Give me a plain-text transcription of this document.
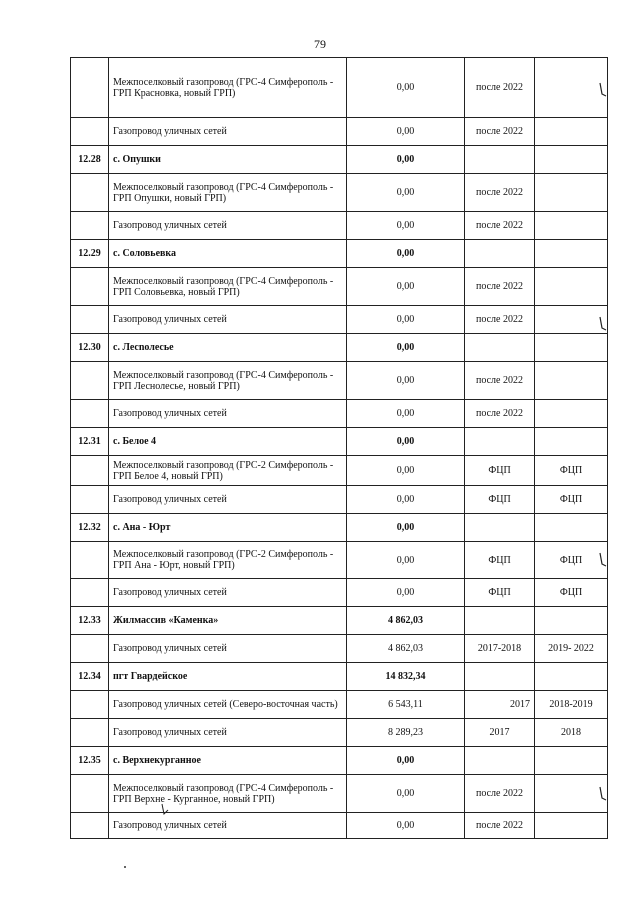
79
	Межпоселковый газопровод (ГРС-4 Симферополь - ГРП Красновка, новый ГРП)	0,00	после 2022	
	Газопровод уличных сетей	0,00	после 2022	
12.28	с. Опушки	0,00		
	Межпоселковый газопровод (ГРС-4 Симферополь - ГРП Опушки, новый ГРП)	0,00	после 2022	
	Газопровод уличных сетей	0,00	после 2022	
12.29	с. Соловьевка	0,00		
	Межпоселковый газопровод (ГРС-4 Симферополь - ГРП Соловьевка, новый ГРП)	0,00	после 2022	
	Газопровод уличных сетей	0,00	после 2022	
12.30	с. Лесnолесье	0,00		
	Межпоселковый газопровод (ГРС-4 Симферополь - ГРП Леснолесье, новый ГРП)	0,00	после 2022	
	Газопровод уличных сетей	0,00	после 2022	
12.31	с. Белое 4	0,00		
	Межпоселковый газопровод (ГРС-2 Симферополь - ГРП Белое 4, новый ГРП)	0,00	ФЦП	ФЦП
	Газопровод уличных сетей	0,00	ФЦП	ФЦП
12.32	с. Ана - Юрт	0,00		
	Межпоселковый газопровод (ГРС-2 Симферополь - ГРП Ана - Юрт, новый ГРП)	0,00	ФЦП	ФЦП
	Газопровод уличных сетей	0,00	ФЦП	ФЦП
12.33	Жилмассив «Каменка»	4 862,03		
	Газопровод уличных сетей	4 862,03	2017-2018	2019- 2022
12.34	пгт Гвардейское	14 832,34		
	Газопровод уличных сетей (Северо-восточная часть)	6 543,11	2017	2018-2019
	Газопровод уличных сетей	8 289,23	2017	2018
12.35	с. Верхнекурганное	0,00		
	Межпоселковый газопровод (ГРС-4 Симферополь - ГРП Верхне - Курганное, новый ГРП)	0,00	после 2022	
	Газопровод уличных сетей	0,00	после 2022	
